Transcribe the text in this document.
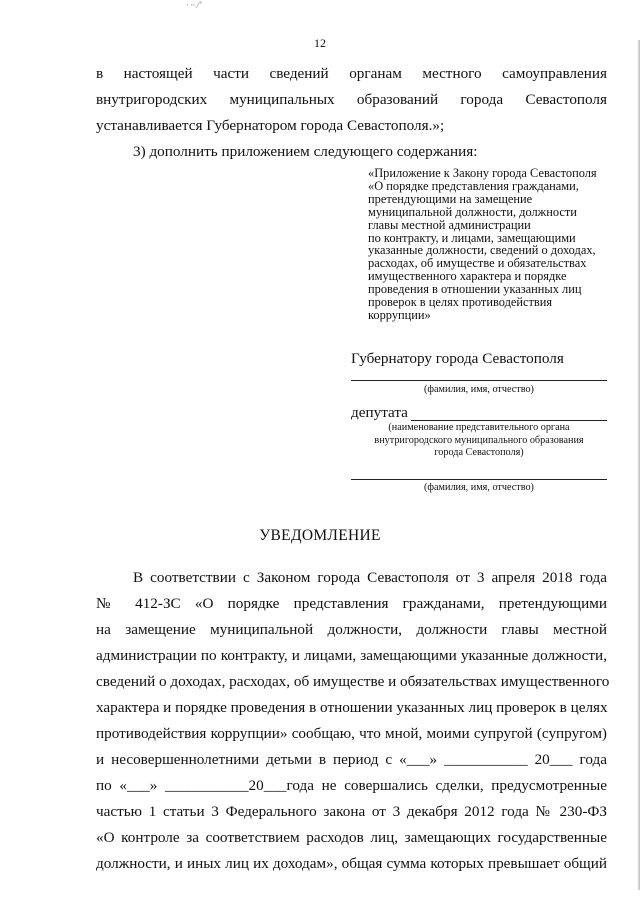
· ·· ⁄ʼ
12
в настоящей части сведений органам местного самоуправления
внутригородских муниципальных образований города Севастополя
устанавливается Губернатором города Севастополя.»;
3) дополнить приложением следующего содержания:
«Приложение к Закону города Севастополя
«О порядке представления гражданами,
претендующими на замещение
муниципальной должности, должности
главы местной администрации
по контракту, и лицами, замещающими
указанные должности, сведений о доходах,
расходах, об имуществе и обязательствах
имущественного характера и порядке
проведения в отношении указанных лиц
проверок в целях противодействия
коррупции»
Губернатору города Севастополя
(фамилия, имя, отчество)
депутата
(наименование представительного органа
внутригородского муниципального образования
города Севастополя)
(фамилия, имя, отчество)
УВЕДОМЛЕНИЕ
В соответствии с Законом города Севастополя от 3 апреля 2018 года
№ 412-ЗС «О порядке представления гражданами, претендующими
на замещение муниципальной должности, должности главы местной
администрации по контракту, и лицами, замещающими указанные должности,
сведений о доходах, расходах, об имуществе и обязательствах имущественного
характера и порядке проведения в отношении указанных лиц проверок в целях
противодействия коррупции» сообщаю, что мной, моими супругой (супругом)
и несовершеннолетними детьми в период с «___» ___________ 20___ года
по «___» ___________20___года не совершались сделки, предусмотренные
частью 1 статьи 3 Федерального закона от 3 декабря 2012 года № 230-ФЗ
«О контроле за соответствием расходов лиц, замещающих государственные
должности, и иных лиц их доходам», общая сумма которых превышает общий
